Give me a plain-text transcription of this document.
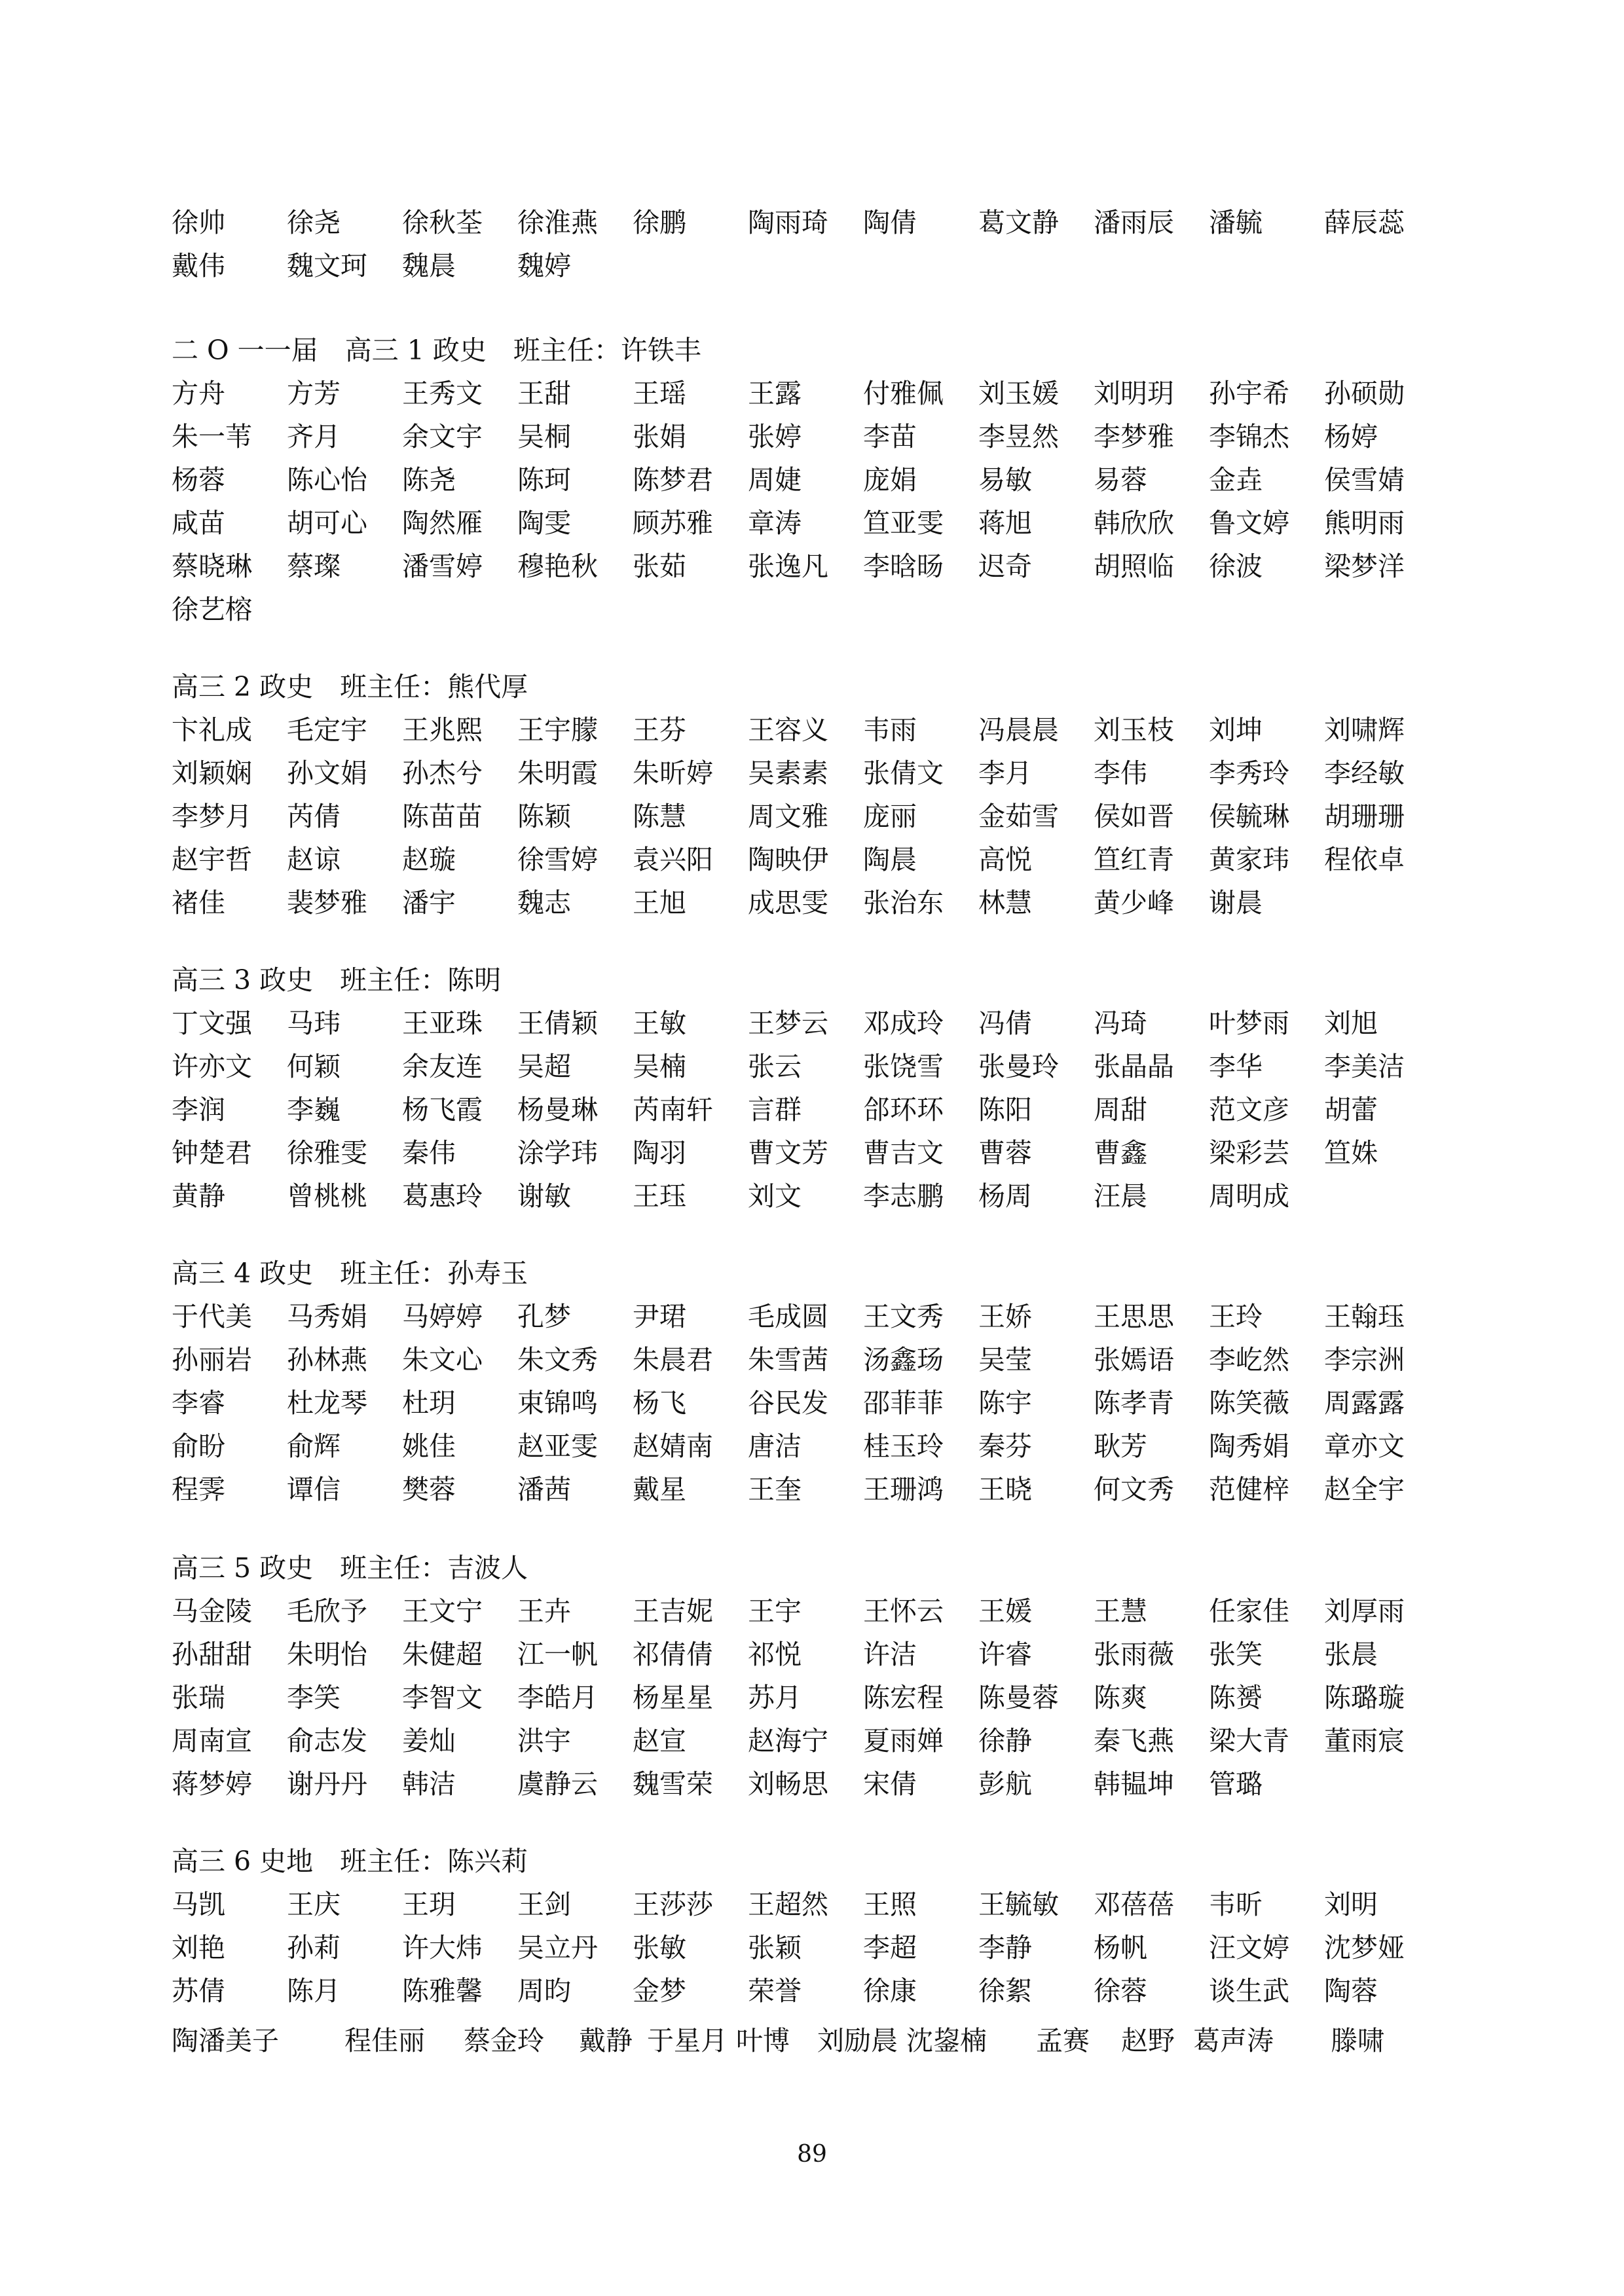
徐帅	徐尧	徐秋荃	徐淮燕	徐鹏	陶雨琦	陶倩	葛文静	潘雨辰	潘毓	薛辰蕊
戴伟	魏文珂	魏晨	魏婷
二 O 一一届　高三 1 政史　班主任：许铁丰
方舟	方芳	王秀文	王甜	王瑶	王露	付雅佩	刘玉媛	刘明玥	孙宇希	孙硕勋
朱一苇	齐月	余文宇	吴桐	张娟	张婷	李苗	李昱然	李梦雅	李锦杰	杨婷
杨蓉	陈心怡	陈尧	陈珂	陈梦君	周婕	庞娟	易敏	易蓉	金垚	侯雪婧
咸苗	胡可心	陶然雁	陶雯	顾苏雅	章涛	笪亚雯	蒋旭	韩欣欣	鲁文婷	熊明雨
蔡晓琳	蔡璨	潘雪婷	穆艳秋	张茹	张逸凡	李晗旸	迟奇	胡照临	徐波	梁梦洋
徐艺榕
高三 2 政史　班主任：熊代厚
卞礼成	毛定宇	王兆熙	王宇朦	王芬	王容义	韦雨	冯晨晨	刘玉枝	刘坤	刘啸辉
刘颖娴	孙文娟	孙杰兮	朱明霞	朱昕婷	吴素素	张倩文	李月	李伟	李秀玲	李经敏
李梦月	芮倩	陈苗苗	陈颖	陈慧	周文雅	庞丽	金茹雪	侯如晋	侯毓琳	胡珊珊
赵宇哲	赵谅	赵璇	徐雪婷	袁兴阳	陶映伊	陶晨	高悦	笪红青	黄家玮	程依卓
褚佳	裴梦雅	潘宇	魏志	王旭	成思雯	张治东	林慧	黄少峰	谢晨
高三 3 政史　班主任：陈明
丁文强	马玮	王亚珠	王倩颖	王敏	王梦云	邓成玲	冯倩	冯琦	叶梦雨	刘旭
许亦文	何颖	余友连	吴超	吴楠	张云	张饶雪	张曼玲	张晶晶	李华	李美洁
李润	李巍	杨飞霞	杨曼琳	芮南轩	言群	郃环环	陈阳	周甜	范文彦	胡蕾
钟楚君	徐雅雯	秦伟	涂学玮	陶羽	曹文芳	曹吉文	曹蓉	曹鑫	梁彩芸	笪姝
黄静	曾桃桃	葛惠玲	谢敏	王珏	刘文	李志鹏	杨周	汪晨	周明成
高三 4 政史　班主任：孙寿玉
于代美	马秀娟	马婷婷	孔梦	尹珺	毛成圆	王文秀	王娇	王思思	王玲	王翰珏
孙丽岩	孙林燕	朱文心	朱文秀	朱晨君	朱雪茜	汤鑫玚	吴莹	张嫣语	李屹然	李宗洲
李睿	杜龙琴	杜玥	束锦鸣	杨飞	谷民发	邵菲菲	陈宇	陈孝青	陈笑薇	周露露
俞盼	俞辉	姚佳	赵亚雯	赵婧南	唐洁	桂玉玲	秦芬	耿芳	陶秀娟	章亦文
程霁	谭信	樊蓉	潘茜	戴星	王奎	王珊鸿	王晓	何文秀	范健梓	赵全宇
高三 5 政史　班主任：吉波人
马金陵	毛欣予	王文宁	王卉	王吉妮	王宇	王怀云	王媛	王慧	任家佳	刘厚雨
孙甜甜	朱明怡	朱健超	江一帆	祁倩倩	祁悦	许洁	许睿	张雨薇	张笑	张晨
张瑞	李笑	李智文	李皓月	杨星星	苏月	陈宏程	陈曼蓉	陈爽	陈赟	陈璐璇
周南宣	俞志发	姜灿	洪宇	赵宣	赵海宁	夏雨婵	徐静	秦飞燕	梁大青	董雨宸
蒋梦婷	谢丹丹	韩洁	虞静云	魏雪荣	刘畅思	宋倩	彭航	韩韫坤	管璐
高三 6 史地　班主任：陈兴莉
马凯	王庆	王玥	王剑	王莎莎	王超然	王照	王毓敏	邓蓓蓓	韦昕	刘明
刘艳	孙莉	许大炜	吴立丹	张敏	张颖	李超	李静	杨帆	汪文婷	沈梦娅
苏倩	陈月	陈雅馨	周昀	金梦	荣誉	徐康	徐絮	徐蓉	谈生武	陶蓉
陶潘美子 程佳丽 蔡金玲 戴静 于星月 叶博 刘励晨 沈鋆楠 孟赛 赵野 葛声涛 滕啸
89
